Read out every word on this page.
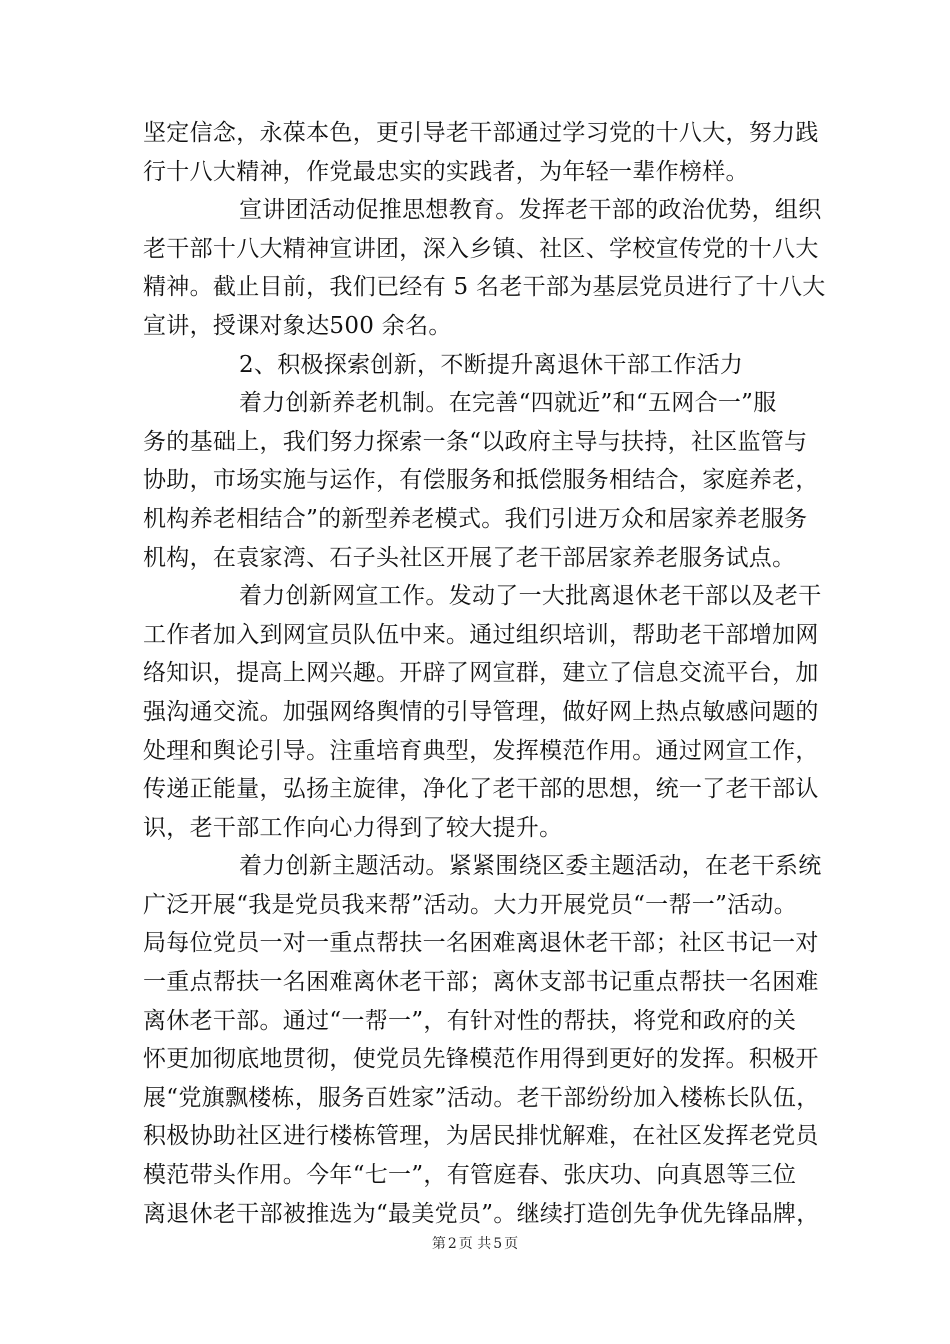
坚定信念，永葆本色，更引导老干部通过学习党的十八大，努力践
行十八大精神，作党最忠实的实践者，为年轻一辈作榜样。
宣讲团活动促推思想教育。发挥老干部的政治优势，组织
老干部十八大精神宣讲团，深入乡镇、社区、学校宣传党的十八大
精神。截止目前，我们已经有 5 名老干部为基层党员进行了十八大
宣讲，授课对象达500 余名。
2、积极探索创新，不断提升离退休干部工作活力
着力创新养老机制。在完善“四就近”和“五网合一”服
务的基础上，我们努力探索一条“以政府主导与扶持，社区监管与
协助，市场实施与运作，有偿服务和抵偿服务相结合，家庭养老，
机构养老相结合”的新型养老模式。我们引进万众和居家养老服务
机构，在袁家湾、石子头社区开展了老干部居家养老服务试点。
着力创新网宣工作。发动了一大批离退休老干部以及老干
工作者加入到网宣员队伍中来。通过组织培训，帮助老干部增加网
络知识，提高上网兴趣。开辟了网宣群，建立了信息交流平台，加
强沟通交流。加强网络舆情的引导管理，做好网上热点敏感问题的
处理和舆论引导。注重培育典型，发挥模范作用。通过网宣工作，
传递正能量，弘扬主旋律，净化了老干部的思想，统一了老干部认
识，老干部工作向心力得到了较大提升。
着力创新主题活动。紧紧围绕区委主题活动，在老干系统
广泛开展“我是党员我来帮”活动。大力开展党员“一帮一”活动。
局每位党员一对一重点帮扶一名困难离退休老干部；社区书记一对
一重点帮扶一名困难离休老干部；离休支部书记重点帮扶一名困难
离休老干部。通过“一帮一”，有针对性的帮扶，将党和政府的关
怀更加彻底地贯彻，使党员先锋模范作用得到更好的发挥。积极开
展“党旗飘楼栋，服务百姓家”活动。老干部纷纷加入楼栋长队伍，
积极协助社区进行楼栋管理，为居民排忧解难，在社区发挥老党员
模范带头作用。今年“七一”，有管庭春、张庆功、向真恩等三位
离退休老干部被推选为“最美党员”。继续打造创先争优先锋品牌，
第 2 页 共 5 页
